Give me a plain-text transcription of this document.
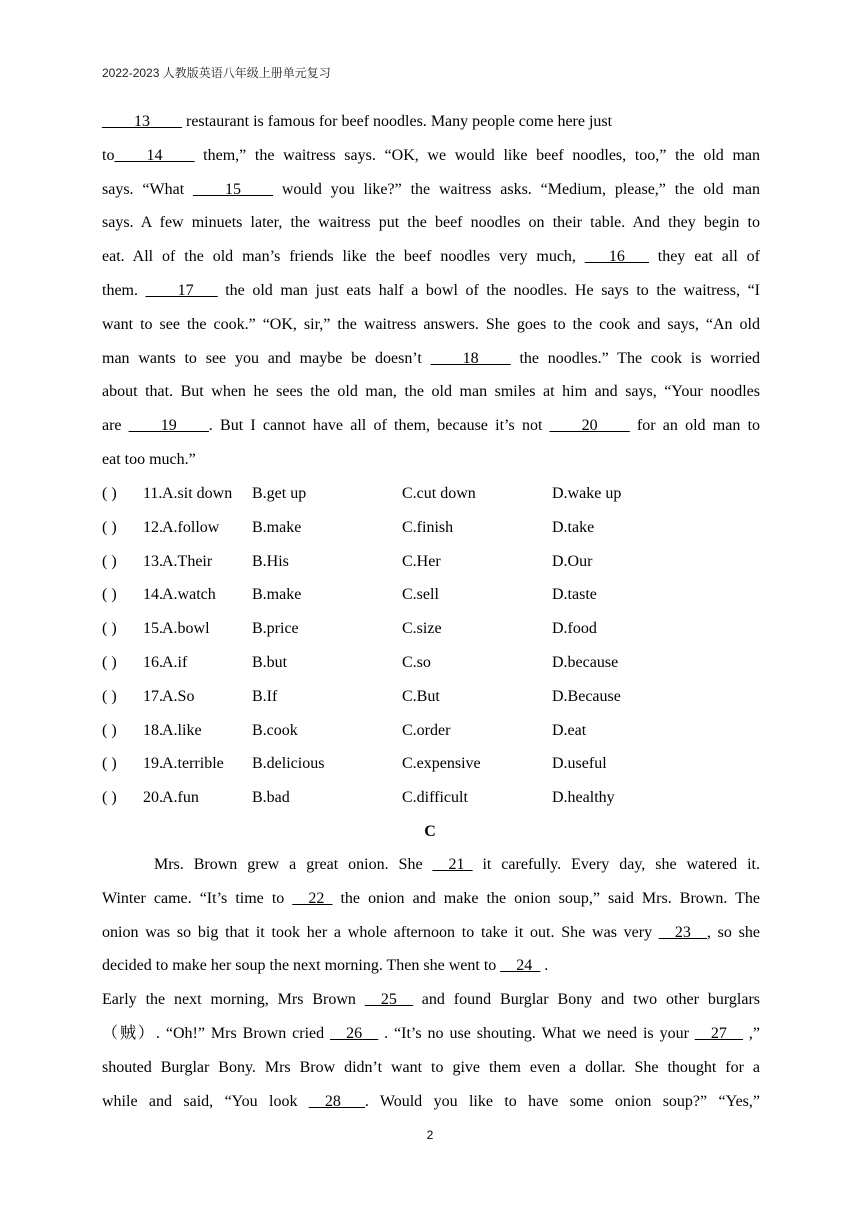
2022-2023 人教版英语八年级上册单元复习
____13____ restaurant is famous for beef noodles. Many people come here just
to____14____ them,” the waitress says. “OK, we would like beef noodles, too,” the old man
says. “What ____15____ would you like?” the waitress asks. “Medium, please,” the old man
says. A few minuets later, the waitress put the beef noodles on their table. And they begin to
eat. All of the old man’s friends like the beef noodles very much, ___16___ they eat all of
them. ____17___ the old man just eats half a bowl of the noodles. He says to the waitress, “I
want to see the cook.” “OK, sir,” the waitress answers. She goes to the cook and says, “An old
man wants to see you and maybe be doesn’t ____18____ the noodles.” The cook is worried
about that. But when he sees the old man, the old man smiles at him and says, “Your noodles
are ____19____. But I cannot have all of them, because it’s not ____20____ for an old man to
eat too much.”
( ) 11. A.sit down B.get up	C.cut down	D.wake up
( ) 12. A.follow B.make	C.finish	D.take
( ) 13. A.Their B.His	C.Her	D.Our
( ) 14. A.watch B.make	C.sell	D.taste
( ) 15. A.bowl	B.price	C.size	D.food
( ) 16. A.if	B.but	C.so	D.because
( ) 17. A.So	B.If	C.But	D.Because
( ) 18. A.like	B.cook	C.order	D.eat
( ) 19. A.terrible B.delicious	C.expensive	D.useful
( ) 20. A.fun	B.bad	C.difficult	D.healthy
C
Mrs. Brown grew a great onion. She __21_ it carefully. Every day, she watered it.
Winter came. “It’s time to __22_ the onion and make the onion soup,” said Mrs. Brown. The
onion was so big that it took her a whole afternoon to take it out. She was very __23__, so she
decided to make her soup the next morning. Then she went to __24_ .
Early the next morning, Mrs Brown __25__ and found Burglar Bony and two other burglars
（贼）. “Oh!” Mrs Brown cried __26__ . “It’s no use shouting. What we need is your __27__ ,”
shouted Burglar Bony. Mrs Brow didn’t want to give them even a dollar. She thought for a
while and said, “You look __28___. Would you like to have some onion soup?” “Yes,”
2
